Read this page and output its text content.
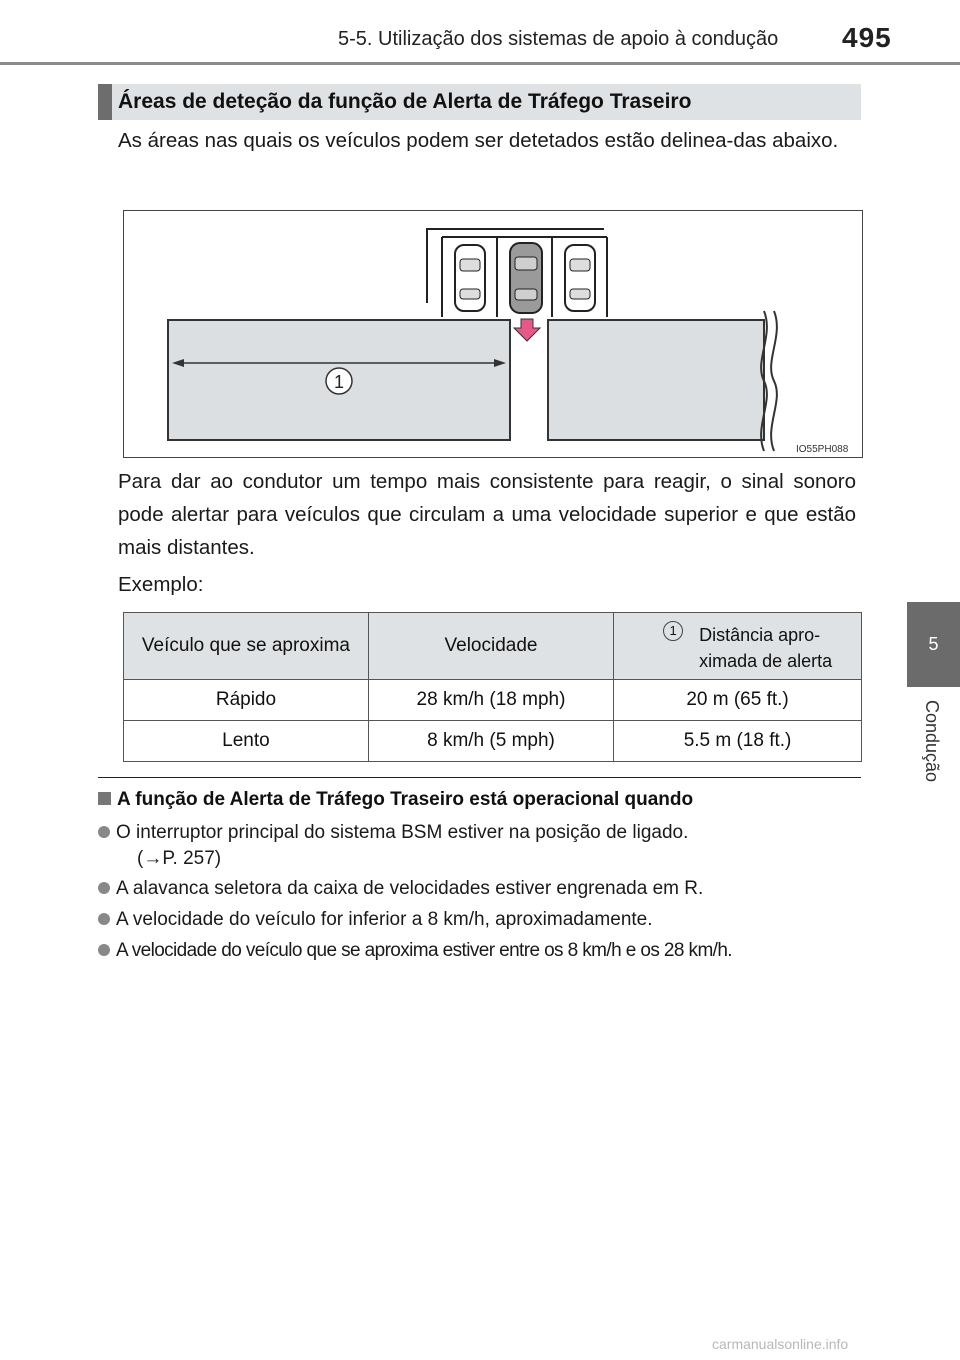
5-5. Utilização dos sistemas de apoio à condução 495
5
Condução
Áreas de deteção da função de Alerta de Tráfego Traseiro
As áreas nas quais os veículos podem ser detetados estão delinea-das abaixo.
1
IO55PH088
Para dar ao condutor um tempo mais consistente para reagir, o sinal sonoro pode alertar para veículos que circulam a uma velocidade superior e que estão mais distantes.
Exemplo:
Veículo que se aproxima	Velocidade	1 Distância apro-
ximada de alerta

Rápido	28 km/h (18 mph)	20 m (65 ft.)
Lento	8 km/h (5 mph)	5.5 m (18 ft.)
A função de Alerta de Tráfego Traseiro está operacional quando
O interruptor principal do sistema BSM estiver na posição de ligado.
(→P. 257)
A alavanca seletora da caixa de velocidades estiver engrenada em R.
A velocidade do veículo for inferior a 8 km/h, aproximadamente.
A velocidade do veículo que se aproxima estiver entre os 8 km/h e os 28 km/h.
carmanualsonline.info
